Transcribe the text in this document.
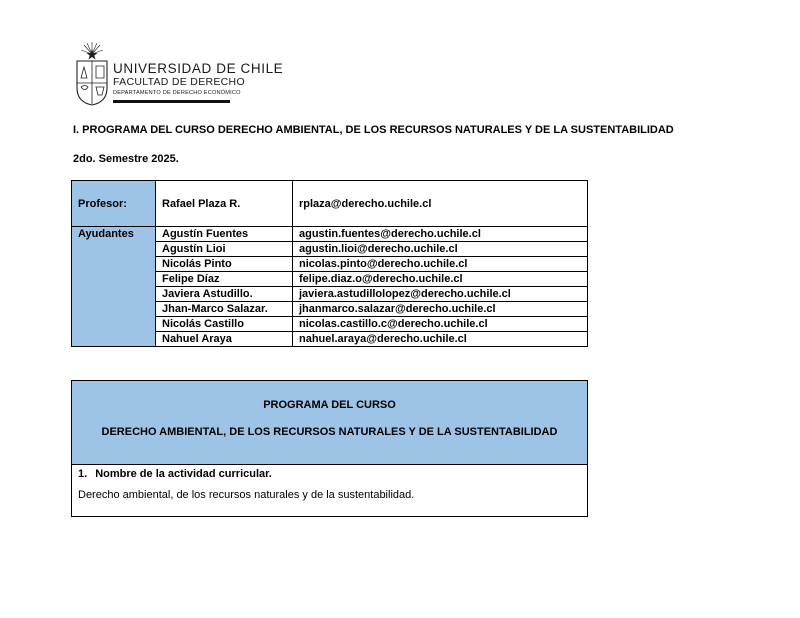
UNIVERSIDAD DE CHILE
FACULTAD DE DERECHO
DEPARTAMENTO DE DERECHO ECONÓMICO
I. PROGRAMA DEL CURSO DERECHO AMBIENTAL, DE LOS RECURSOS NATURALES Y DE LA SUSTENTABILIDAD
2do. Semestre 2025.
Profesor:	Rafael Plaza R.	rplaza@derecho.uchile.cl
Ayudantes	Agustín Fuentes	agustin.fuentes@derecho.uchile.cl
	Agustín Lioi	agustin.lioi@derecho.uchile.cl
	Nicolás Pinto	nicolas.pinto@derecho.uchile.cl
	Felipe Díaz	felipe.diaz.o@derecho.uchile.cl
	Javiera Astudillo.	javiera.astudillolopez@derecho.uchile.cl
	Jhan-Marco Salazar.	jhanmarco.salazar@derecho.uchile.cl
	Nicolás Castillo	nicolas.castillo.c@derecho.uchile.cl
	Nahuel Araya	nahuel.araya@derecho.uchile.cl
PROGRAMA DEL CURSO
DERECHO AMBIENTAL, DE LOS RECURSOS NATURALES Y DE LA SUSTENTABILIDAD

1. Nombre de la actividad curricular.
Derecho ambiental, de los recursos naturales y de la sustentabilidad.
